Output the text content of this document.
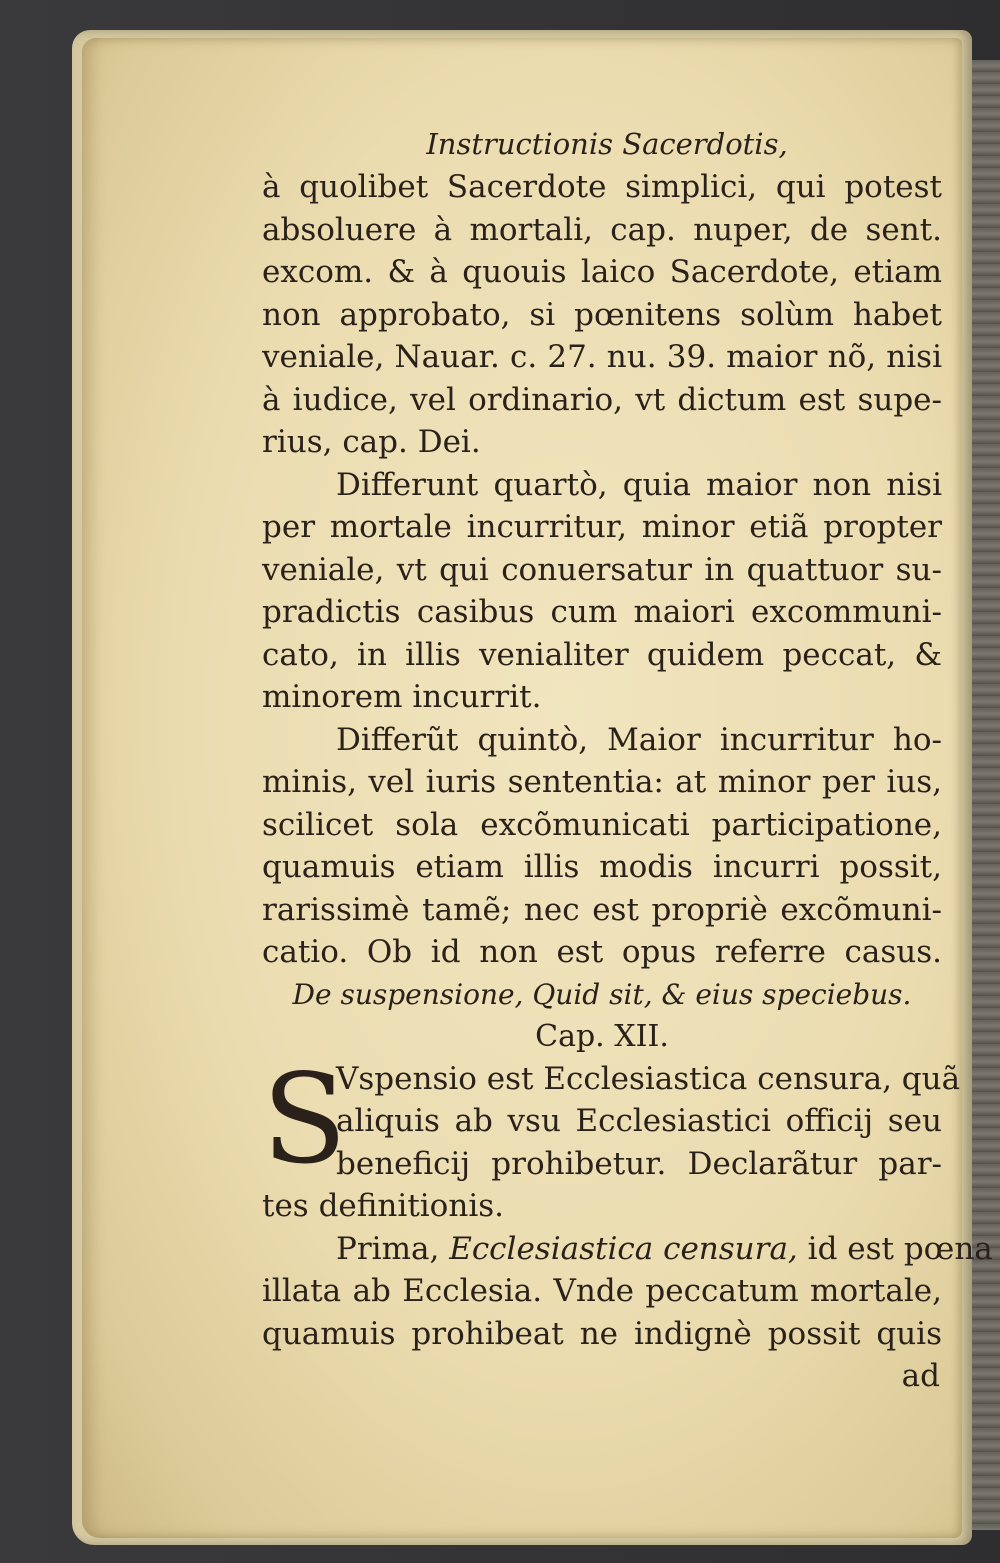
Instructionis Sacerdotis,
à quolibet Sacerdote simplici, qui potest
absoluere à mortali, cap. nuper, de sent.
excom. & à quouis laico Sacerdote, etiam
non approbato, si pœnitens solùm habet
veniale, Nauar. c. 27. nu. 39. maior nõ, nisi
à iudice, vel ordinario, vt dictum est supe-
rius, cap. Dei.
Differunt quartò, quia maior non nisi
per mortale incurritur, minor etiã propter
veniale, vt qui conuersatur in quattuor su-
pradictis casibus cum maiori excommuni-
cato, in illis venialiter quidem peccat, &
minorem incurrit.
Differũt quintò, Maior incurritur ho-
minis, vel iuris sententia: at minor per ius,
scilicet sola excõmunicati participatione,
quamuis etiam illis modis incurri possit,
rarissimè tamẽ; nec est propriè excõmuni-
catio. Ob id non est opus referre casus.
De suspensione, Quid sit, & eius speciebus.
Cap. XII.
S
Vspensio est Ecclesiastica censura, quã
aliquis ab vsu Ecclesiastici officij seu
beneficij prohibetur. Declarãtur par-
tes definitionis.
Prima, Ecclesiastica censura, id est pœna
illata ab Ecclesia. Vnde peccatum mortale,
quamuis prohibeat ne indignè possit quis
ad
